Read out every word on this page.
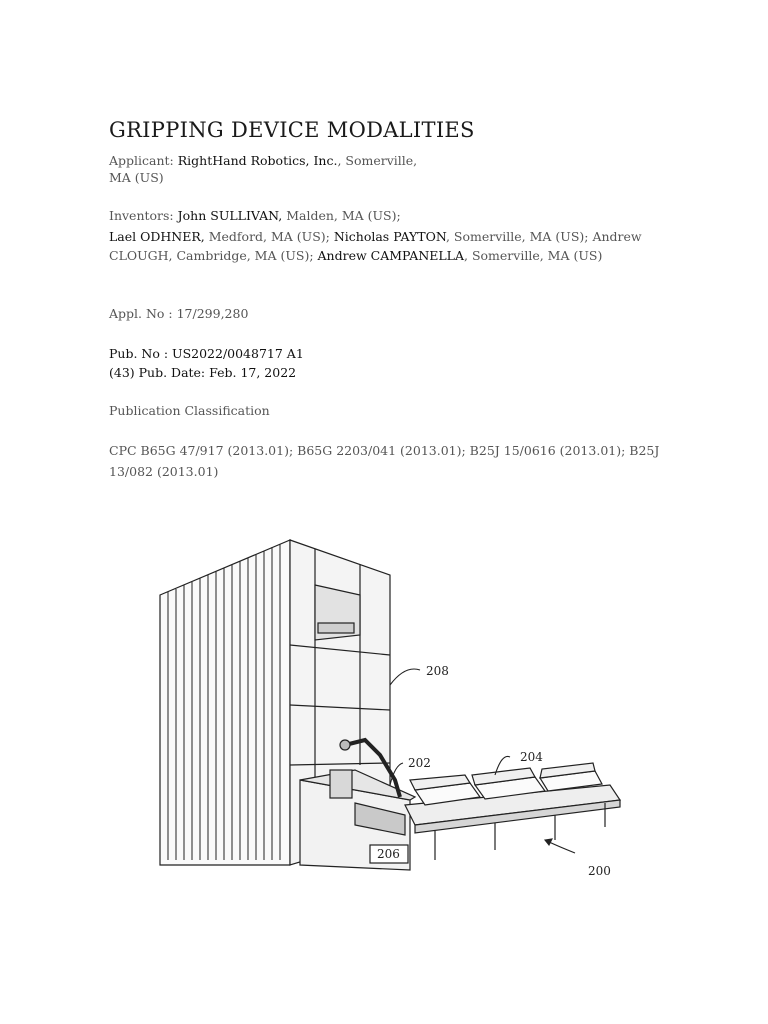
GRIPPING DEVICE MODALITIES
Applicant: RightHand Robotics, Inc., Somerville,
MA (US)
Inventors: John SULLIVAN, Malden, MA (US);
Lael ODHNER, Medford, MA (US); Nicholas PAYTON, Somerville, MA (US); Andrew
CLOUGH, Cambridge, MA (US); Andrew CAMPANELLA, Somerville, MA (US)
Appl. No : 17/299,280
Pub. No : US2022/0048717 A1
(43) Pub. Date: Feb. 17, 2022
Publication Classification
CPC B65G 47/917 (2013.01); B65G 2203/041 (2013.01); B25J 15/0616 (2013.01); B25J
13/082 (2013.01)
208
202	204
206
200
